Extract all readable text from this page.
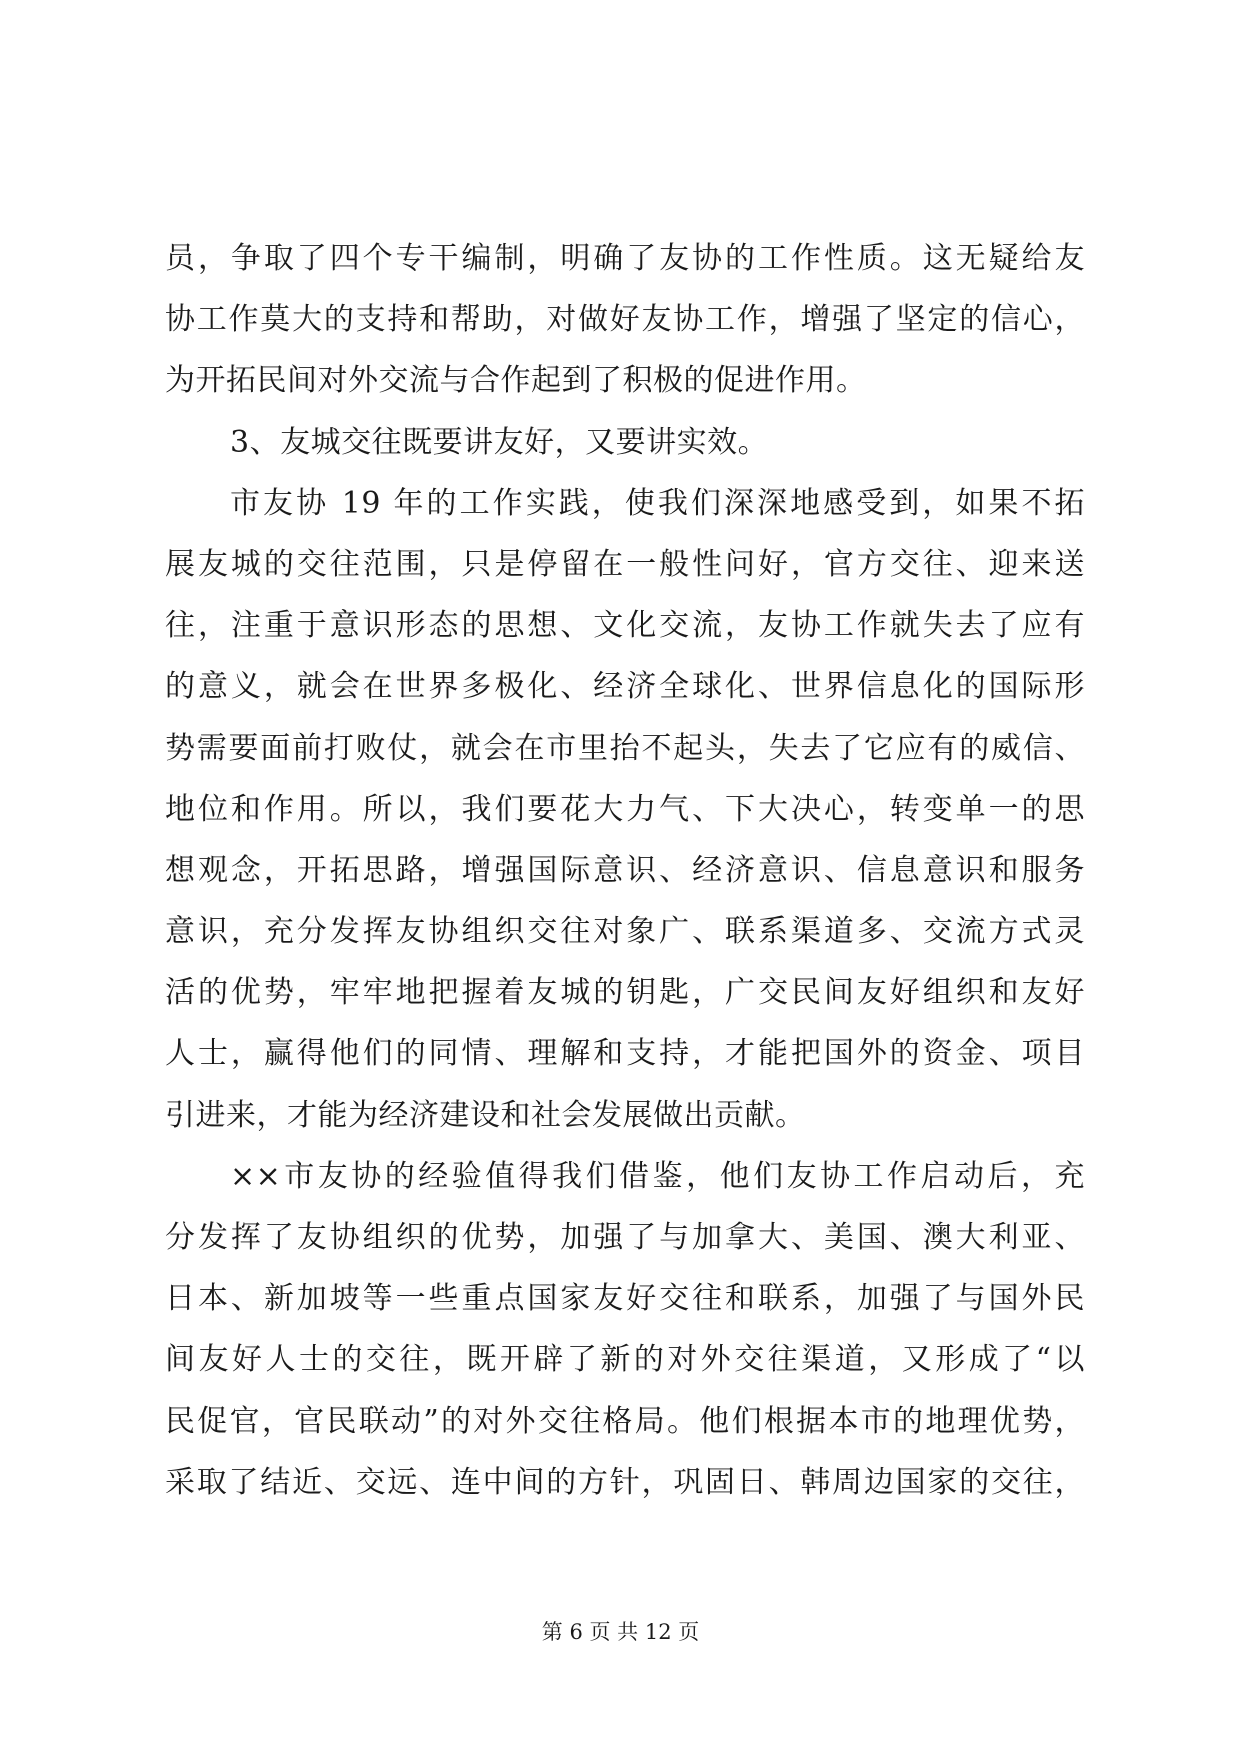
员，争取了四个专干编制，明确了友协的工作性质。这无疑给友
协工作莫大的支持和帮助，对做好友协工作，增强了坚定的信心，
为开拓民间对外交流与合作起到了积极的促进作用。
3、友城交往既要讲友好，又要讲实效。
市友协 19 年的工作实践，使我们深深地感受到，如果不拓
展友城的交往范围，只是停留在一般性问好，官方交往、迎来送
往，注重于意识形态的思想、文化交流，友协工作就失去了应有
的意义，就会在世界多极化、经济全球化、世界信息化的国际形
势需要面前打败仗，就会在市里抬不起头，失去了它应有的威信、
地位和作用。所以，我们要花大力气、下大决心，转变单一的思
想观念，开拓思路，增强国际意识、经济意识、信息意识和服务
意识，充分发挥友协组织交往对象广、联系渠道多、交流方式灵
活的优势，牢牢地把握着友城的钥匙，广交民间友好组织和友好
人士，赢得他们的同情、理解和支持，才能把国外的资金、项目
引进来，才能为经济建设和社会发展做出贡献。
××市友协的经验值得我们借鉴，他们友协工作启动后，充
分发挥了友协组织的优势，加强了与加拿大、美国、澳大利亚、
日本、新加坡等一些重点国家友好交往和联系，加强了与国外民
间友好人士的交往，既开辟了新的对外交往渠道，又形成了“以
民促官，官民联动”的对外交往格局。他们根据本市的地理优势，
采取了结近、交远、连中间的方针，巩固日、韩周边国家的交往，
第 6 页 共 12 页
